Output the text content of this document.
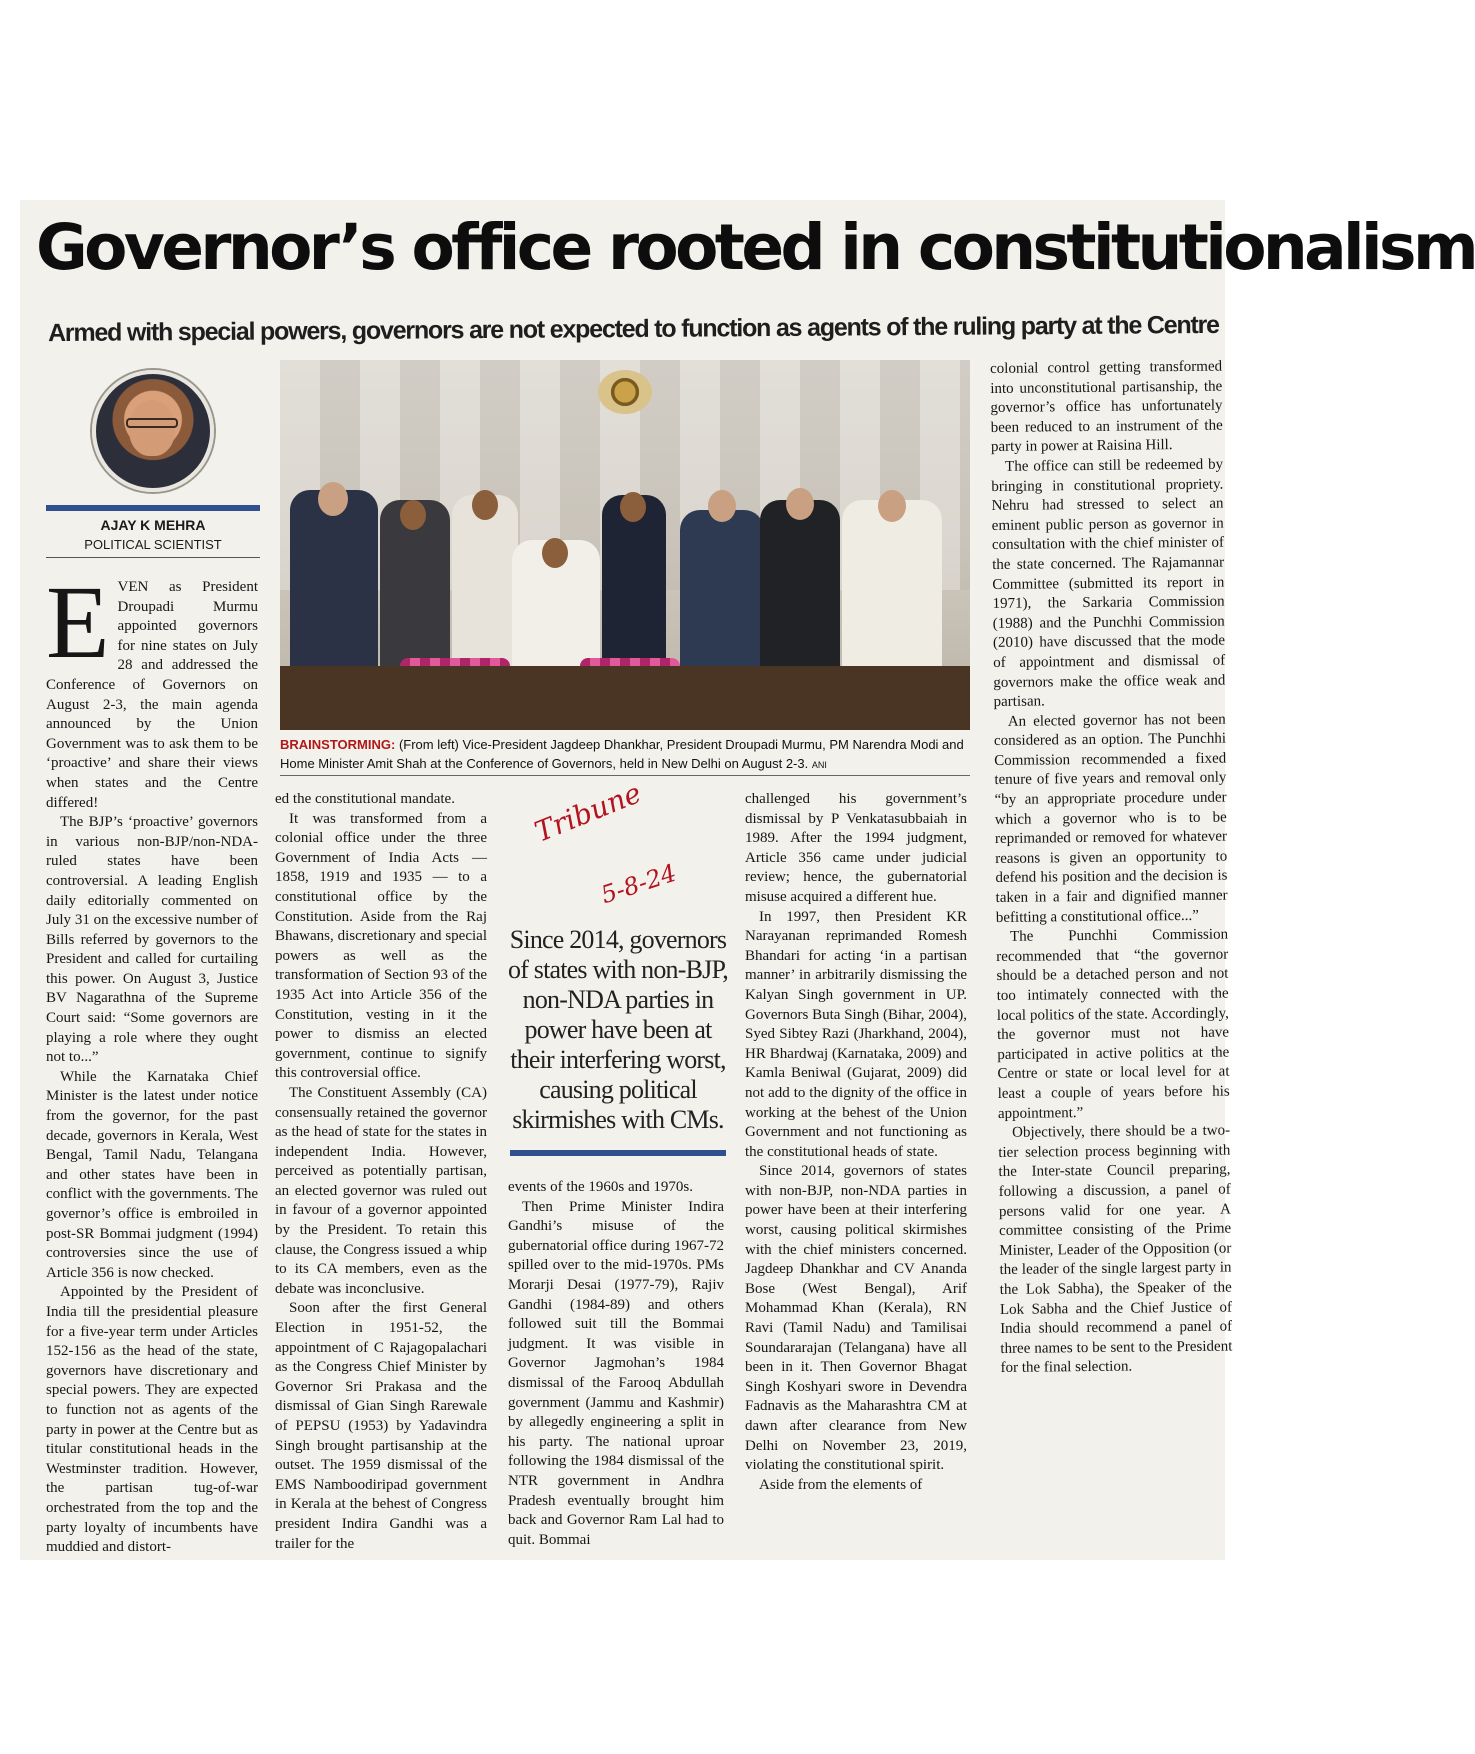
Governor’s office rooted in constitutionalism
Armed with special powers, governors are not expected to function as agents of the ruling party at the Centre
AJAY K MEHRA
POLITICAL SCIENTIST
BRAINSTORMING: (From left) Vice-President Jagdeep Dhankhar, President Droupadi Murmu, PM Narendra Modi and Home Minister Amit Shah at the Conference of Governors, held in New Delhi on August 2-3. ANI

EVEN as President Droupadi Murmu appointed governors for nine states on July 28 and addressed the Conference of Governors on August 2-3, the main agenda announced by the Union Government was to ask them to be ‘proactive’ and share their views when states and the Centre differed!

The BJP’s ‘proactive’ governors in various non-BJP/non-NDA-ruled states have been controversial. A leading English daily editorially commented on July 31 on the excessive number of Bills referred by governors to the President and called for curtailing this power. On August 3, Justice BV Nagarathna of the Supreme Court said: “Some governors are playing a role where they ought not to...”

While the Karnataka Chief Minister is the latest under notice from the governor, for the past decade, governors in Kerala, West Bengal, Tamil Nadu, Telangana and other states have been in conflict with the governments. The governor’s office is embroiled in post-SR Bommai judgment (1994) controversies since the use of Article 356 is now checked.

Appointed by the President of India till the presidential pleasure for a five-year term under Articles 152-156 as the head of the state, governors have discretionary and special powers. They are expected to function not as agents of the party in power at the Centre but as titular constitutional heads in the Westminster tradition. However, the partisan tug-of-war orchestrated from the top and the party loyalty of incumbents have muddied and distort-

ed the constitutional mandate.

It was transformed from a colonial office under the three Government of India Acts — 1858, 1919 and 1935 — to a constitutional office by the Constitution. Aside from the Raj Bhawans, discretionary and special powers as well as the transformation of Section 93 of the 1935 Act into Article 356 of the Constitution, vesting in it the power to dismiss an elected government, continue to signify this controversial office.

The Constituent Assembly (CA) consensually retained the governor as the head of state for the states in independent India. However, perceived as potentially partisan, an elected governor was ruled out in favour of a governor appointed by the President. To retain this clause, the Congress issued a whip to its CA members, even as the debate was inconclusive.

Soon after the first General Election in 1951-52, the appointment of C Rajagopalachari as the Congress Chief Minister by Governor Sri Prakasa and the dismissal of Gian Singh Rarewale of PEPSU (1953) by Yadavindra Singh brought partisanship at the outset. The 1959 dismissal of the EMS Namboodiripad government in Kerala at the behest of Congress president Indira Gandhi was a trailer for the

Tribune
5-8-24
Since 2014, governors of states with non-BJP, non-NDA parties in power have been at their interfering worst, causing political skirmishes with CMs.

events of the 1960s and 1970s.

Then Prime Minister Indira Gandhi’s misuse of the gubernatorial office during 1967-72 spilled over to the mid-1970s. PMs Morarji Desai (1977-79), Rajiv Gandhi (1984-89) and others followed suit till the Bommai judgment. It was visible in Governor Jagmohan’s 1984 dismissal of the Farooq Abdullah government (Jammu and Kashmir) by allegedly engineering a split in his party. The national uproar following the 1984 dismissal of the NTR government in Andhra Pradesh eventually brought him back and Governor Ram Lal had to quit. Bommai

challenged his government’s dismissal by P Venkatasubbaiah in 1989. After the 1994 judgment, Article 356 came under judicial review; hence, the gubernatorial misuse acquired a different hue.

In 1997, then President KR Narayanan reprimanded Romesh Bhandari for acting ‘in a partisan manner’ in arbitrarily dismissing the Kalyan Singh government in UP. Governors Buta Singh (Bihar, 2004), Syed Sibtey Razi (Jharkhand, 2004), HR Bhardwaj (Karnataka, 2009) and Kamla Beniwal (Gujarat, 2009) did not add to the dignity of the office in working at the behest of the Union Government and not functioning as the constitutional heads of state.

Since 2014, governors of states with non-BJP, non-NDA parties in power have been at their interfering worst, causing political skirmishes with the chief ministers concerned. Jagdeep Dhankhar and CV Ananda Bose (West Bengal), Arif Mohammad Khan (Kerala), RN Ravi (Tamil Nadu) and Tamilisai Soundararajan (Telangana) have all been in it. Then Governor Bhagat Singh Koshyari swore in Devendra Fadnavis as the Maharashtra CM at dawn after clearance from New Delhi on November 23, 2019, violating the constitutional spirit.

Aside from the elements of

colonial control getting transformed into unconstitutional partisanship, the governor’s office has unfortunately been reduced to an instrument of the party in power at Raisina Hill.

The office can still be redeemed by bringing in constitutional propriety. Nehru had stressed to select an eminent public person as governor in consultation with the chief minister of the state concerned. The Rajamannar Committee (submitted its report in 1971), the Sarkaria Commission (1988) and the Punchhi Commission (2010) have discussed that the mode of appointment and dismissal of governors make the office weak and partisan.

An elected governor has not been considered as an option. The Punchhi Commission recommended a fixed tenure of five years and removal only “by an appropriate procedure under which a governor who is to be reprimanded or removed for whatever reasons is given an opportunity to defend his position and the decision is taken in a fair and dignified manner befitting a constitutional office...”

The Punchhi Commission recommended that “the governor should be a detached person and not too intimately connected with the local politics of the state. Accordingly, the governor must not have participated in active politics at the Centre or state or local level for at least a couple of years before his appointment.”

Objectively, there should be a two-tier selection process beginning with the Inter-state Council preparing, following a discussion, a panel of persons valid for one year. A committee consisting of the Prime Minister, Leader of the Opposition (or the leader of the single largest party in the Lok Sabha), the Speaker of the Lok Sabha and the Chief Justice of India should recommend a panel of three names to be sent to the President for the final selection.
